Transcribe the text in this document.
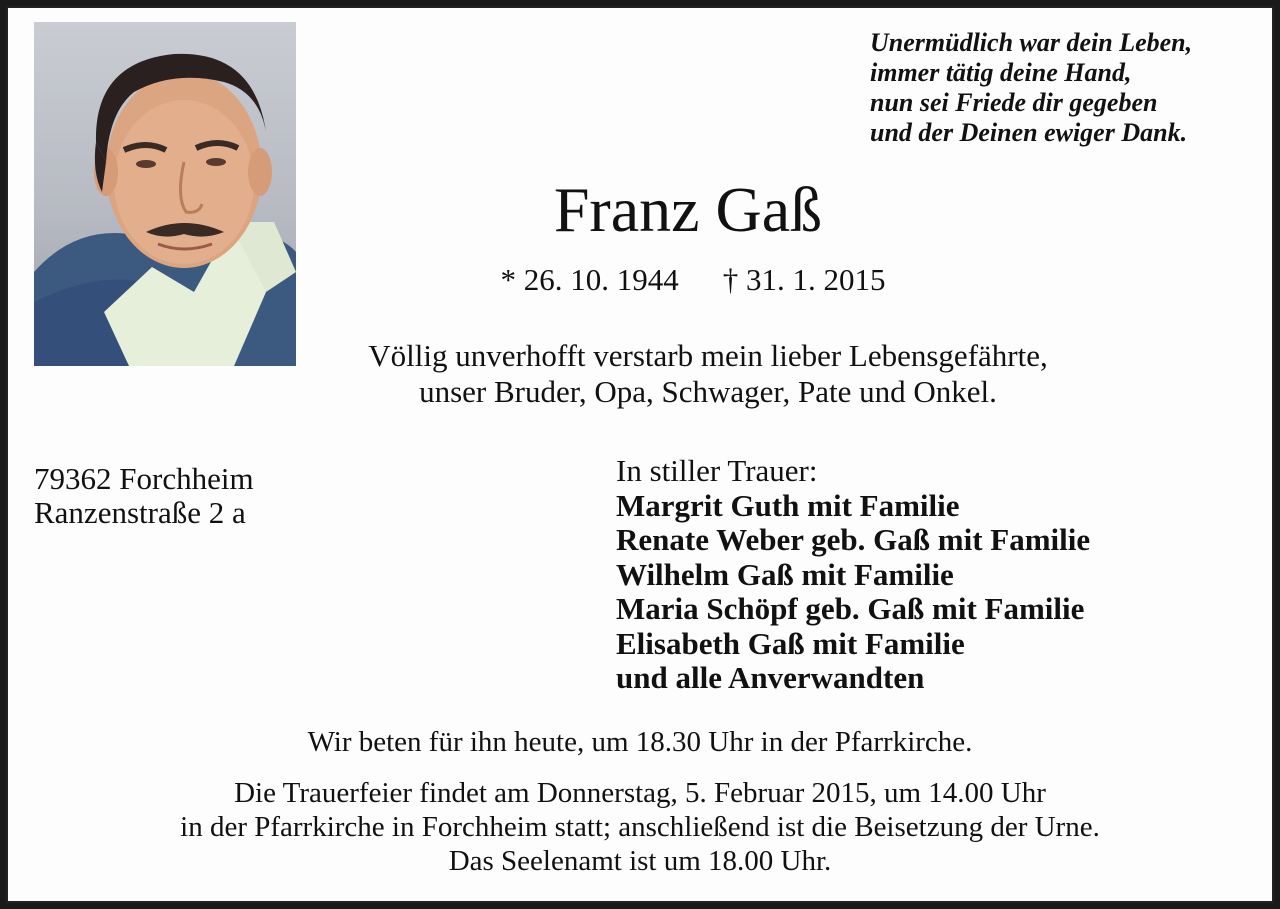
Unermüdlich war dein Leben,
immer tätig deine Hand,
nun sei Friede dir gegeben
und der Deinen ewiger Dank.
Franz Gaß
* 26. 10. 1944 † 31. 1. 2015
Völlig unverhofft verstarb mein lieber Lebensgefährte,
unser Bruder, Opa, Schwager, Pate und Onkel.
79362 Forchheim
Ranzenstraße 2 a
In stiller Trauer:
Margrit Guth mit Familie
Renate Weber geb. Gaß mit Familie
Wilhelm Gaß mit Familie
Maria Schöpf geb. Gaß mit Familie
Elisabeth Gaß mit Familie
und alle Anverwandten
Wir beten für ihn heute, um 18.30 Uhr in der Pfarrkirche.
Die Trauerfeier findet am Donnerstag, 5. Februar 2015, um 14.00 Uhr
in der Pfarrkirche in Forchheim statt; anschließend ist die Beisetzung der Urne.
Das Seelenamt ist um 18.00 Uhr.
